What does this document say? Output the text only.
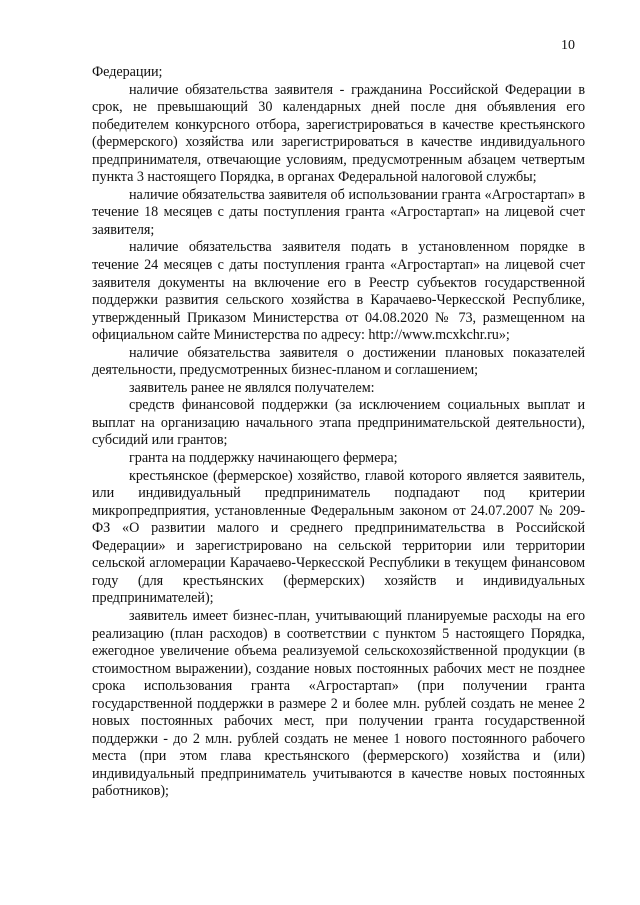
10

Федерации;

наличие обязательства заявителя - гражданина Российской Федерации в срок, не превышающий 30 календарных дней после дня объявления его победителем конкурсного отбора, зарегистрироваться в качестве крестьянского (фермерского) хозяйства или зарегистрироваться в качестве индивидуального предпринимателя, отвечающие условиям, предусмотренным абзацем четвертым пункта 3 настоящего Порядка, в органах Федеральной налоговой службы;

наличие обязательства заявителя об использовании гранта «Агростартап» в течение 18 месяцев с даты поступления гранта «Агростартап» на лицевой счет заявителя;

наличие обязательства заявителя подать в установленном порядке в течение 24 месяцев с даты поступления гранта «Агростартап» на лицевой счет заявителя документы на включение его в Реестр субъектов государственной поддержки развития сельского хозяйства в Карачаево-Черкесской Республике, утвержденный Приказом Министерства от 04.08.2020 № 73, размещенном на официальном сайте Министерства по адресу: http://www.mcxkchr.ru»;

наличие обязательства заявителя о достижении плановых показателей деятельности, предусмотренных бизнес-планом и соглашением;

заявитель ранее не являлся получателем:

средств финансовой поддержки (за исключением социальных выплат и выплат на организацию начального этапа предпринимательской деятельности), субсидий или грантов;

гранта на поддержку начинающего фермера;

крестьянское (фермерское) хозяйство, главой которого является заявитель, или индивидуальный предприниматель подпадают под критерии микропредприятия, установленные Федеральным законом от 24.07.2007 № 209-ФЗ «О развитии малого и среднего предпринимательства в Российской Федерации» и зарегистрировано на сельской территории или территории сельской агломерации Карачаево-Черкесской Республики в текущем финансовом году (для крестьянских (фермерских) хозяйств и индивидуальных предпринимателей);

заявитель имеет бизнес-план, учитывающий планируемые расходы на его реализацию (план расходов) в соответствии с пунктом 5 настоящего Порядка, ежегодное увеличение объема реализуемой сельскохозяйственной продукции (в стоимостном выражении), создание новых постоянных рабочих мест не позднее срока использования гранта «Агростартап» (при получении гранта государственной поддержки в размере 2 и более млн. рублей создать не менее 2 новых постоянных рабочих мест, при получении гранта государственной поддержки - до 2 млн. рублей создать не менее 1 нового постоянного рабочего места (при этом глава крестьянского (фермерского) хозяйства и (или) индивидуальный предприниматель учитываются в качестве новых постоянных работников);
